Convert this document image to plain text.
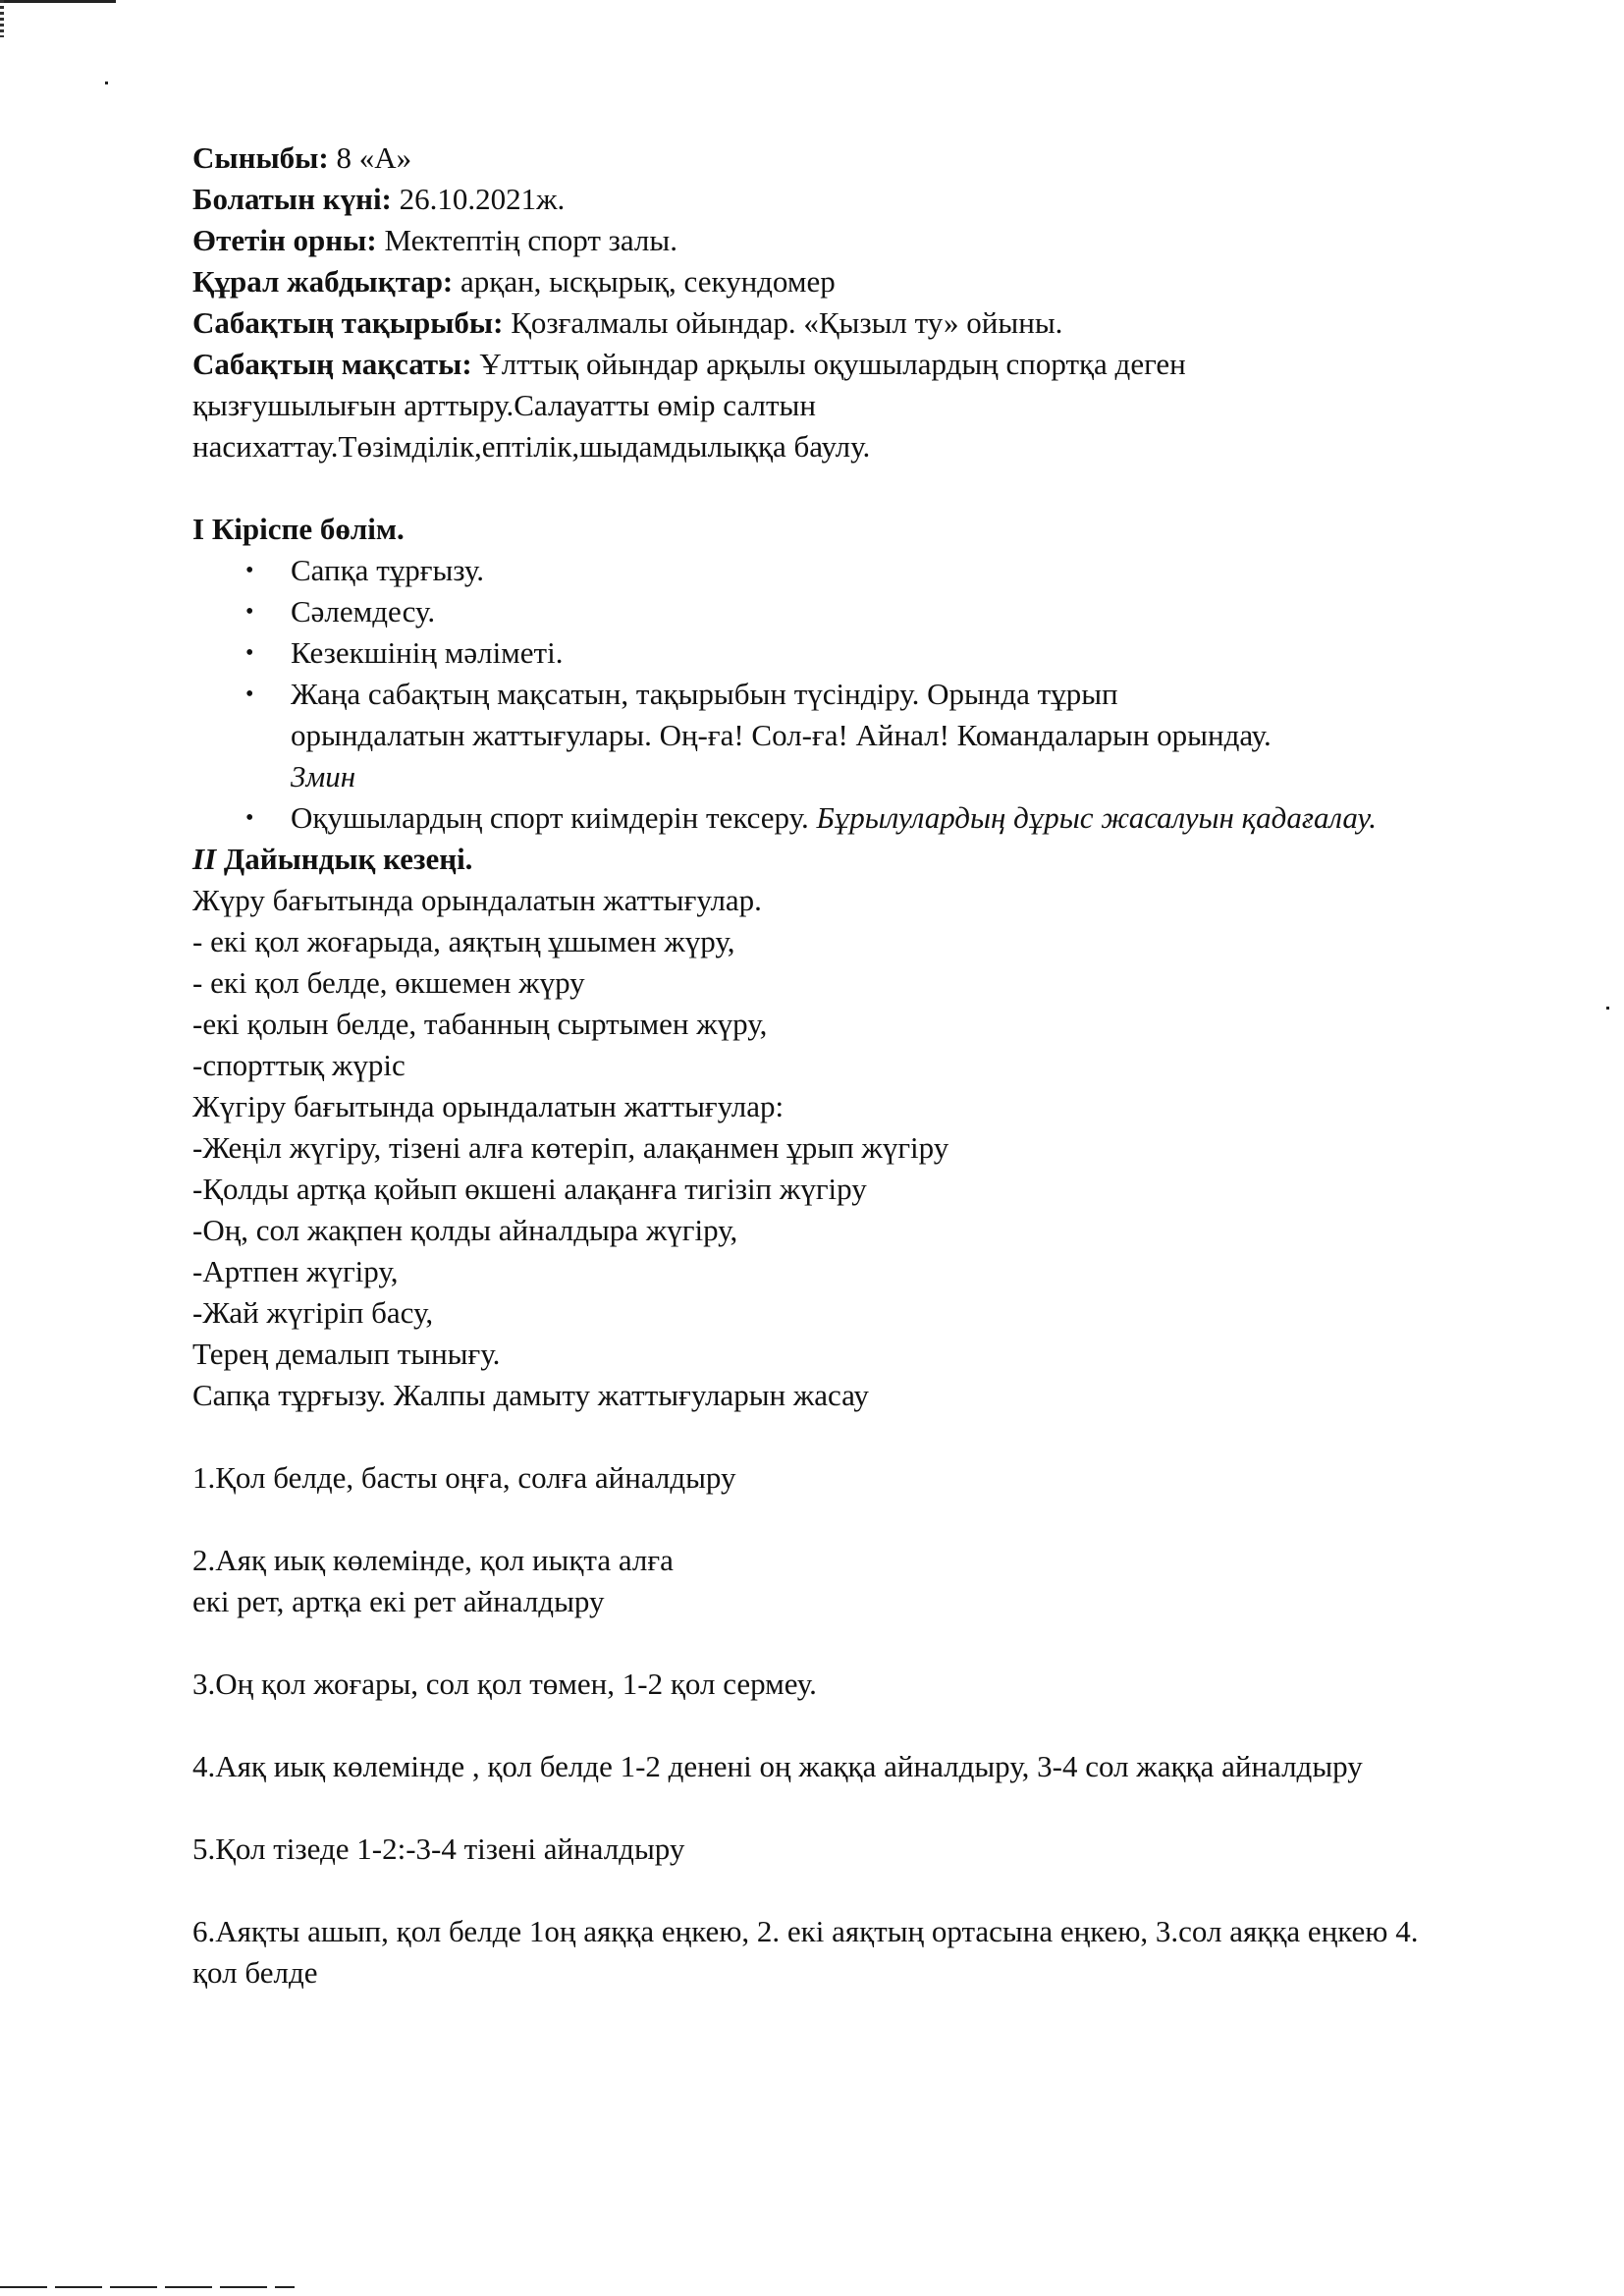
Сыныбы: 8 «А»

Болатын күні: 26.10.2021ж.

Өтетін орны: Мектептің спорт залы.

Құрал жабдықтар: арқан, ысқырық, секундомер

Сабақтың тақырыбы: Қозғалмалы ойындар. «Қызыл ту» ойыны.

Сабақтың мақсаты: Ұлттық ойындар арқылы оқушылардың спортқа деген

қызғушылығын арттыру.Салауатты өмір салтын

насихаттау.Төзімділік,ептілік,шыдамдылыққа баулу.

I Кіріспе бөлім.

• Сапқа тұрғызу.
• Сәлемдесу.
• Кезекшінің мәліметі.
• Жаңа сабақтың мақсатын, тақырыбын түсіндіру. Орында тұрып орындалатын жаттығулары. Оң-ға! Сол-ға! Айнал! Командаларын орындау. 3мин
• Оқушылардың спорт киімдерін тексеру. Бұрылулардың дұрыс жасалуын қадағалау.

II Дайындық кезеңі.

Жүру бағытында орындалатын жаттығулар.

- екі қол жоғарыда, аяқтың ұшымен жүру,

- екі қол белде, өкшемен жүру

-екі қолын белде, табанның сыртымен жүру,

-спорттық жүріс

Жүгіру бағытында орындалатын жаттығулар:

-Жеңіл жүгіру, тізені алға көтеріп, алақанмен ұрып жүгіру

-Қолды артқа қойып өкшені алақанға тигізіп жүгіру

-Оң, сол жақпен қолды айналдыра жүгіру,

-Артпен жүгіру,

-Жай жүгіріп басу,

Терең демалып тынығу.

Сапқа тұрғызу. Жалпы дамыту жаттығуларын жасау

1.Қол белде, басты оңға, солға айналдыру

2.Аяқ иық көлемінде, қол иықта алға
екі рет, артқа екі рет айналдыру

3.Оң қол жоғары, сол қол төмен, 1-2 қол сермеу.

4.Аяқ иық көлемінде , қол белде 1-2 денені оң жаққа айналдыру, 3-4 сол жаққа айналдыру

5.Қол тізеде 1-2:-3-4 тізені айналдыру

6.Аяқты ашып, қол белде 1оң аяққа еңкею, 2. екі аяқтың ортасына еңкею, 3.сол аяққа еңкею 4. қол белде
